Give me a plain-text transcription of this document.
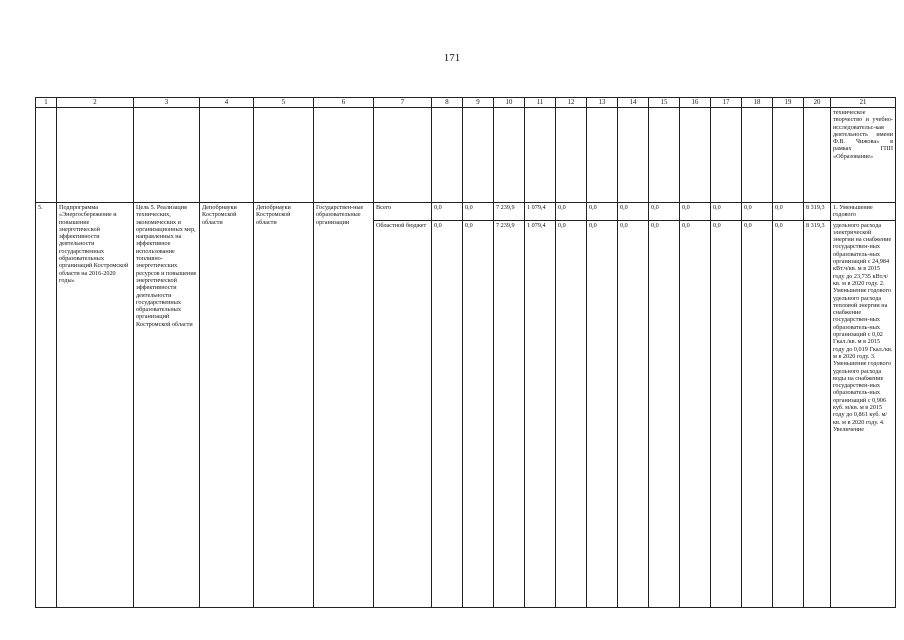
171
1	2	3	4	5	6	7	8	9	10	11	12	13	14	15	16	17	18	19	20	21
																				техническое творчество и учебно-исследовательс-кая деятельность имени Ф.В. Чижова» в рамках ГПП «Образование»
5.	Подпрограмма «Энергосбережение и повышение энергетической эффективности деятельности государственных образовательных организаций Костромской области на 2016-2020 годы»	Цель 5. Реализация технических, экономических и организационных мер, направленных на эффективное использование топливно-энергетических ресурсов и повышение энергетической эффективности деятельности государственных образовательных организаций Костромской области	Депобрнауки Костромской области	Депобрнауки Костромской области	Государствен-ные образовательные организации	Всего	0,0	0,0	7 239,9	1 079,4	0,0	0,0	0,0	0,0	0,0	0,0	0,0	0,0	8 319,3	1. Уменьшение годового
						Областной бюджет	0,0	0,0	7 239,9	1 079,4	0,0	0,0	0,0	0,0	0,0	0,0	0,0	0,0	8 319,3	удельного расхода электрической энергии на снабжение государствен-ных образователь-ных организаций с 24,984 кВт.ч/кв. м в 2015 году до 23,735 кВт.ч/кв. м в 2020 году. 2. Уменьшение годового удельного расхода тепловой энергии на снабжение государствен-ных образователь-ных организаций с 0,02 Гкал./кв. м в 2015 году до 0,019 Гкал./кв. м в 2020 году. 3. Уменьшение годового удельного расхода воды на снабжение государствен-ных образователь-ных организаций с 0,906 куб. м/кв. м в 2015 году до 0,861 куб. м/кв. м в 2020 году. 4. Увеличение
